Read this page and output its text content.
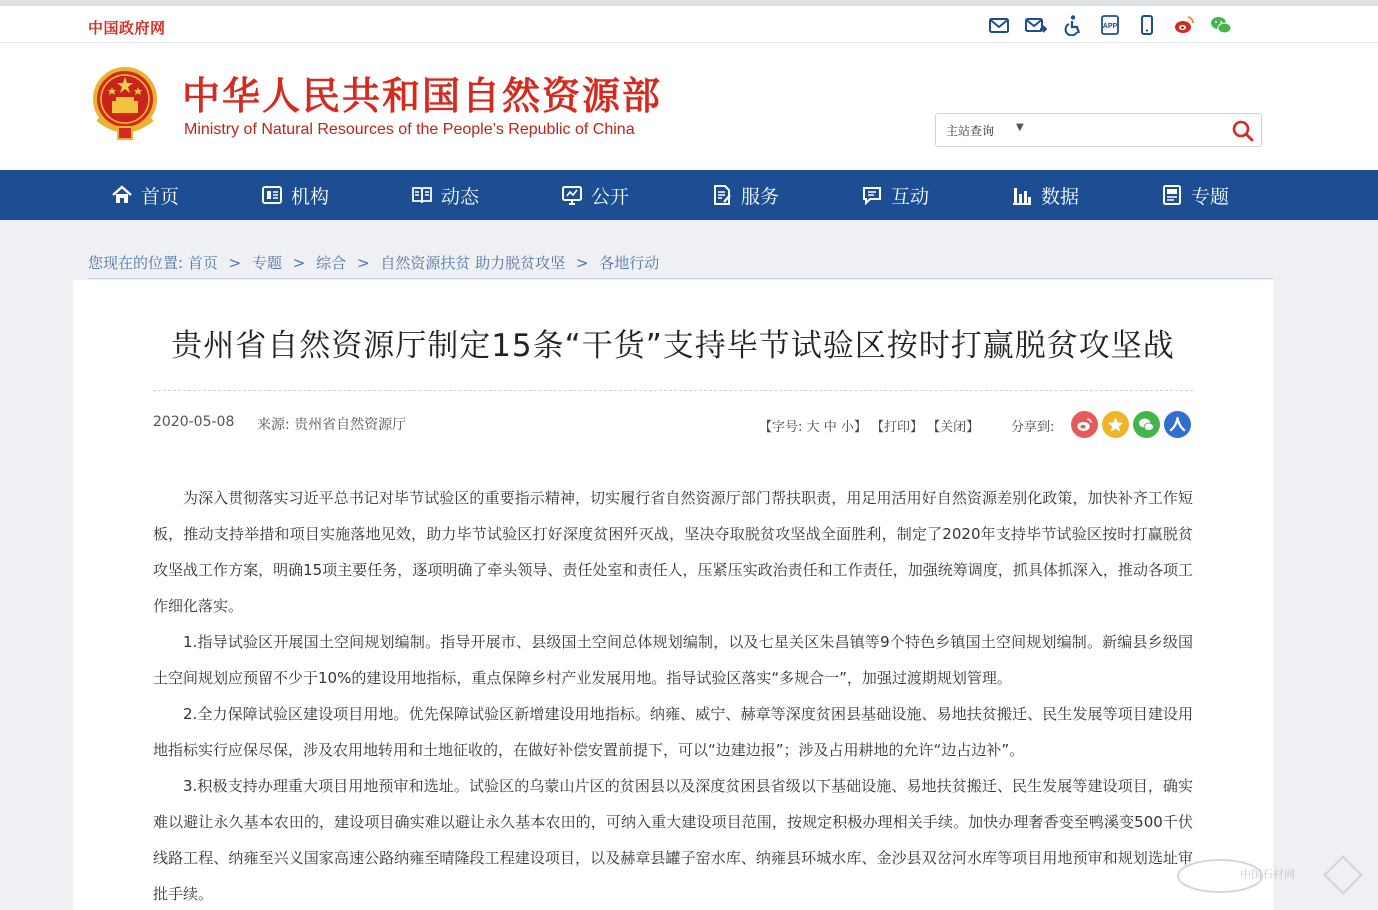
中国政府网	APP
中华人民共和国自然资源部
Ministry of Natural Resources of the People’s Republic of China	主站查询 ▼
首页	机构	动态	公开	服务	互动	数据	专题
您现在的位置: 首页 > 专题 > 综合 > 自然资源扶贫 助力脱贫攻坚 > 各地行动
贵州省自然资源厅制定15条“干货”支持毕节试验区按时打赢脱贫攻坚战
2020-05-08 来源: 贵州省自然资源厅	【字号: 大 中 小】 【打印】 【关闭】 分享到:

为深入贯彻落实习近平总书记对毕节试验区的重要指示精神，切实履行省自然资源厅部门帮扶职责，用足用活用好自然资源差别化政策，加快补齐工作短板，推动支持举措和项目实施落地见效，助力毕节试验区打好深度贫困歼灭战，坚决夺取脱贫攻坚战全面胜利，制定了2020年支持毕节试验区按时打赢脱贫攻坚战工作方案，明确15项主要任务，逐项明确了牵头领导、责任处室和责任人，压紧压实政治责任和工作责任，加强统筹调度，抓具体抓深入，推动各项工作细化落实。

1.指导试验区开展国土空间规划编制。指导开展市、县级国土空间总体规划编制，以及七星关区朱昌镇等9个特色乡镇国土空间规划编制。新编县乡级国土空间规划应预留不少于10%的建设用地指标，重点保障乡村产业发展用地。指导试验区落实“多规合一”，加强过渡期规划管理。

2.全力保障试验区建设项目用地。优先保障试验区新增建设用地指标。纳雍、威宁、赫章等深度贫困县基础设施、易地扶贫搬迁、民生发展等项目建设用地指标实行应保尽保，涉及农用地转用和土地征收的，在做好补偿安置前提下，可以“边建边报”；涉及占用耕地的允许“边占边补”。

3.积极支持办理重大项目用地预审和选址。试验区的乌蒙山片区的贫困县以及深度贫困县省级以下基础设施、易地扶贫搬迁、民生发展等建设项目，确实难以避让永久基本农田的，建设项目确实难以避让永久基本农田的，可纳入重大建设项目范围，按规定积极办理相关手续。加快办理奢香变至鸭溪变500千伏线路工程、纳雍至兴义国家高速公路纳雍至晴隆段工程建设项目，以及赫章县罐子窑水库、纳雍县环城水库、金沙县双岔河水库等项目用地预审和规划选址审批手续。

中国石材网
